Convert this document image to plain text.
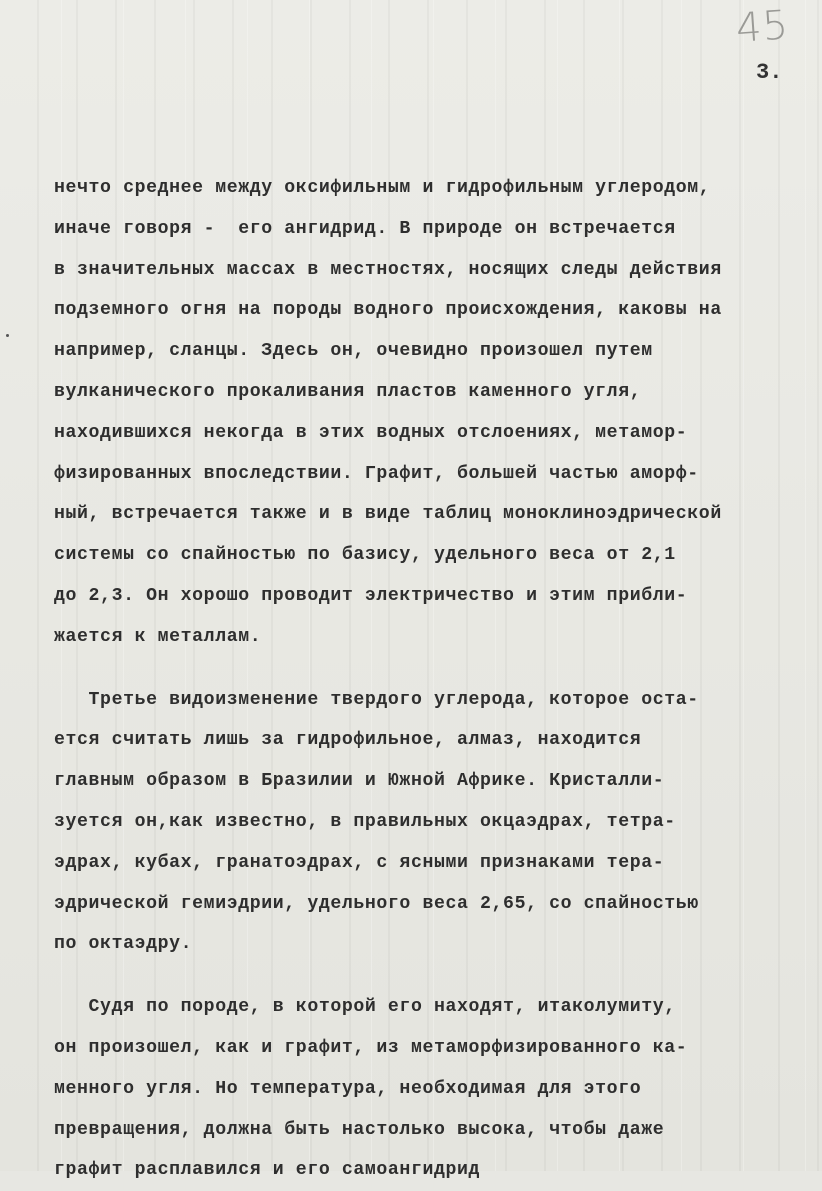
45
3.
нечто среднее между оксифильным и гидрофильным углеродом,
иначе говоря -  его ангидрид. В природе он встречается
в значительных массах в местностях, носящих следы действия
подземного огня на породы водного происхождения, каковы на
например, сланцы. Здесь он, очевидно произошел путем
вулканического прокаливания пластов каменного угля,
находившихся некогда в этих водных отслоениях, метамор-
физированных впоследствии. Графит, большей частью аморф-
ный, встречается также и в виде таблиц моноклиноэдрической
системы со спайностью по базису, удельного веса от 2,1
до 2,3. Он хорошо проводит электричество и этим прибли-
жается к металлам.
Третье видоизменение твердого углерода, которое оста-
ется считать лишь за гидрофильное, алмаз, находится
главным образом в Бразилии и Южной Африке. Кристалли-
зуется он,как известно, в правильных окцаэдрах, тетра-
эдрах, кубах, гранатоэдрах, с ясными признаками тера-
эдрической гемиэдрии, удельного веса 2,65, со спайностью
по октаэдру.
Судя по породе, в которой его находят, итаколумиту,
он произошел, как и графит, из метаморфизированного ка-
менного угля. Но температура, необходимая для этого
превращения, должна быть настолько высока, чтобы даже
графит расплавился и его самоангидрид
